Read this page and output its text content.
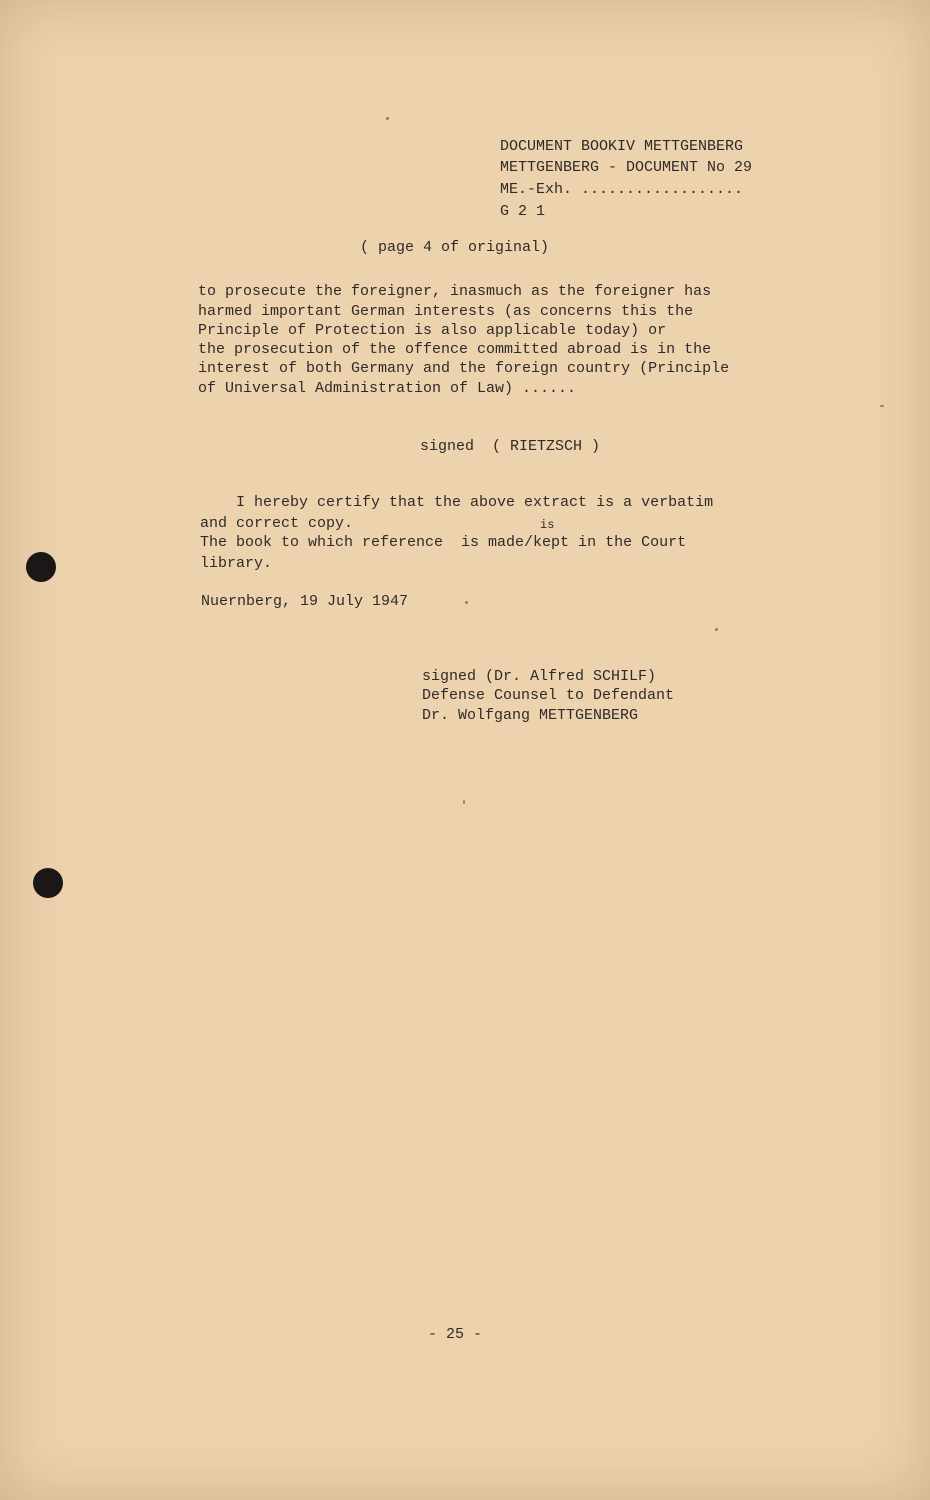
DOCUMENT BOOKIV METTGENBERG

METTGENBERG - DOCUMENT No 29

ME.-Exh. ..................

G 2 1

( page 4 of original)

to prosecute the foreigner, inasmuch as the foreigner has

harmed important German interests (as concerns this the

Principle of Protection is also applicable today) or

the prosecution of the offence committed abroad is in the

interest of both Germany and the foreign country (Principle

of Universal Administration of Law) ......

signed  ( RIETZSCH )

I hereby certify that the above extract is a verbatim

and correct copy.	is

The book to which reference  is made/kept in the Court

library.

Nuernberg, 19 July 1947

signed (Dr. Alfred SCHILF)

Defense Counsel to Defendant

Dr. Wolfgang METTGENBERG

- 25 -
